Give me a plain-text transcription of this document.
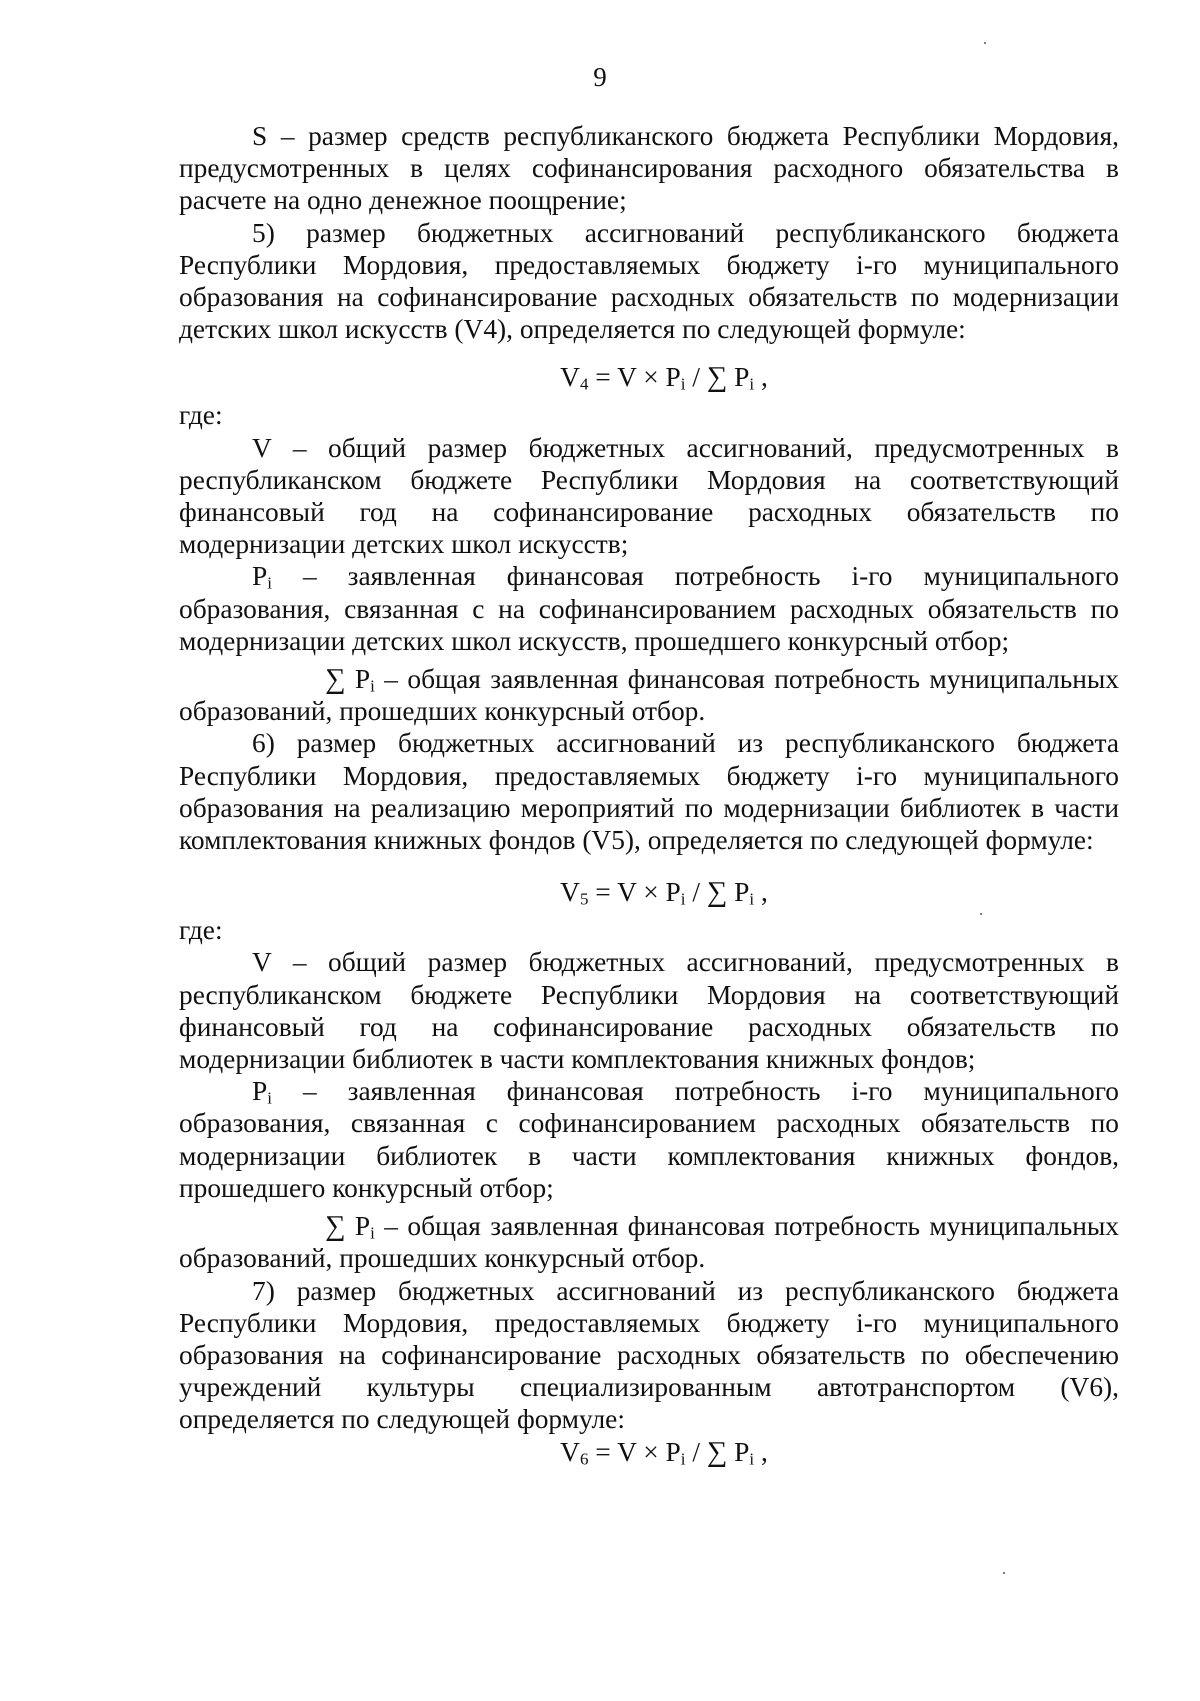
9

S – размер средств республиканского бюджета Республики Мордовия, предусмотренных в целях софинансирования расходного обязательства в расчете на одно денежное поощрение;

5) размер бюджетных ассигнований республиканского бюджета Республики Мордовия, предоставляемых бюджету i-го муниципального образования на софинансирование расходных обязательств по модернизации детских школ искусств (V4), определяется по следующей формуле:

$V_4 = V \times P_i$ / ∑ $P_i$ ,

где:

V – общий размер бюджетных ассигнований, предусмотренных в республиканском бюджете Республики Мордовия на соответствующий финансовый год на софинансирование расходных обязательств по модернизации детских школ искусств;

$P_i$ – заявленная финансовая потребность i-го муниципального образования, связанная с на софинансированием расходных обязательств по модернизации детских школ искусств, прошедшего конкурсный отбор;

∑ $P_i$ – общая заявленная финансовая потребность муниципальных образований, прошедших конкурсный отбор.

6) размер бюджетных ассигнований из республиканского бюджета Республики Мордовия, предоставляемых бюджету i-го муниципального образования на реализацию мероприятий по модернизации библиотек в части комплектования книжных фондов (V5), определяется по следующей формуле:

$V_5 = V \times P_i$ / ∑ $P_i$ ,

где:

V – общий размер бюджетных ассигнований, предусмотренных в республиканском бюджете Республики Мордовия на соответствующий финансовый год на софинансирование расходных обязательств по модернизации библиотек в части комплектования книжных фондов;

$P_i$ – заявленная финансовая потребность i-го муниципального образования, связанная с софинансированием расходных обязательств по модернизации библиотек в части комплектования книжных фондов, прошедшего конкурсный отбор;

∑ $P_i$ – общая заявленная финансовая потребность муниципальных образований, прошедших конкурсный отбор.

7) размер бюджетных ассигнований из республиканского бюджета Республики Мордовия, предоставляемых бюджету i-го муниципального образования на софинансирование расходных обязательств по обеспечению учреждений культуры специализированным автотранспортом (V6), определяется по следующей формуле:

$V_6 = V \times P_i$ / ∑ $P_i$ ,
